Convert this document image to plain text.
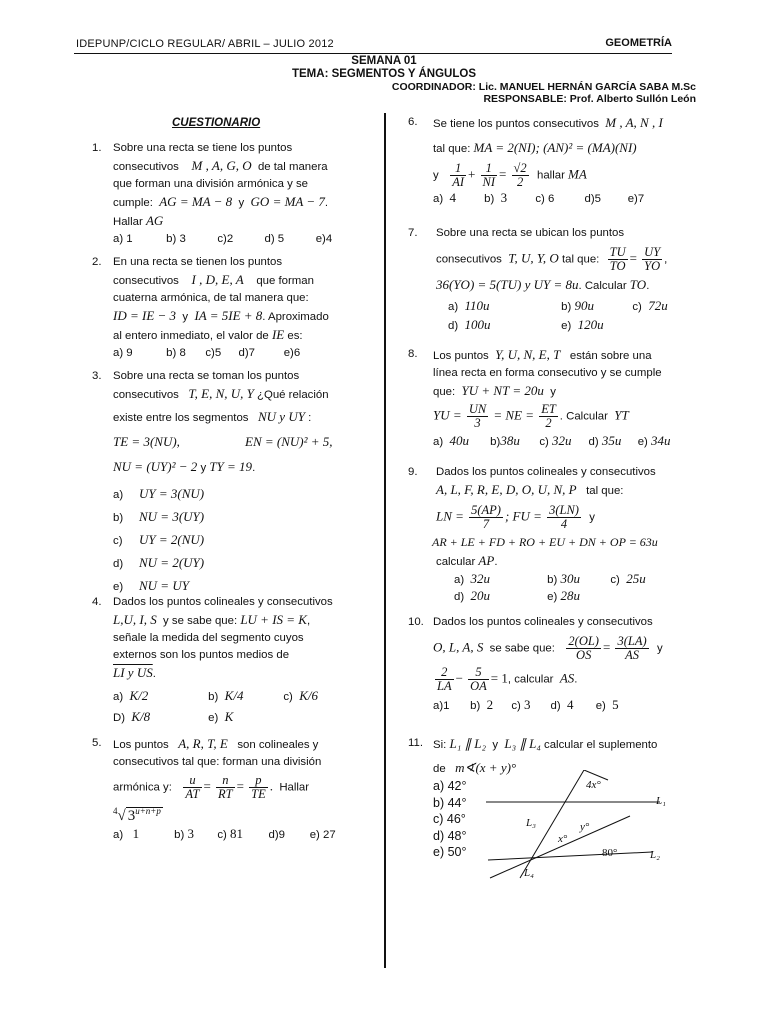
IDEPUNP/CICLO REGULAR/ ABRIL – JULIO 2012	GEOMETRÍA
SEMANA 01
TEMA: SEGMENTOS Y ÁNGULOS
COORDINADOR: Lic. MANUEL HERNÁN GARCÍA SABA M.Sc
RESPONSABLE: Prof. Alberto Sullón León
CUESTIONARIO
1. Sobre una recta se tiene los puntos
consecutivos M , A, G, O de tal manera
que forman una división armónica y se
cumple: AG = MA − 8 y GO = MA − 7.
Hallar AG
a) 1	b) 3	c)2	d) 5	e)4
2. En una recta se tienen los puntos
consecutivos I , D, E, A que forman
cuaterna armónica, de tal manera que:
ID = IE − 3 y IA = 5IE + 8. Aproximado
al entero inmediato, el valor de IE es:
a) 9	b) 8 c)5 d)7	e)6
3. Sobre una recta se toman los puntos
consecutivos T, E, N, U, Y ¿Qué relación
existe entre los segmentos NU y UY :
TE = 3(NU),	EN = (NU)² + 5,
NU = (UY)² − 2 y TY = 19.
a) UY = 3(NU)
b) NU = 3(UY)
c) UY = 2(NU)
d) NU = 2(UY)
e) NU = UY
4. Dados los puntos colineales y consecutivos
L,U, I, S y se sabe que: LU + IS = K,
señale la medida del segmento cuyos
externos son los puntos medios de
LI y US.
a) K/2	b) K/4	c) K/6
D) K/8	e) K
5. Los puntos A, R, T, E son colineales y
consecutivos tal que: forman una división
armónica y: $\frac{u}{AT} = \frac{n}{RT} = \frac{p}{TE}$ . Hallar
$^4$√ $3^{u+n+p}$
a) 1	b) 3 c) 81 d)9 e) 27
6. Se tiene los puntos consecutivos M , A, N , I
tal que: MA = 2(NI); (AN)² = (MA)(NI)
y $\frac{1}{AI} + \frac{1}{NI} = \frac{√2}{2}$ hallar MA
a) 4 b) 3 c) 6	d)5 e)7
7. Sobre una recta se ubican los puntos
consecutivos T, U, Y, O tal que: $\frac{TU}{TO} = \frac{UY}{YO}$ ,
36(YO) = 5(TU) y UY = 8u. Calcular TO.
a) 110u	b) 90u	c) 72u
d) 100u	e) 120u
8. Los puntos Y, U, N, E, T están sobre una
línea recta en forma consecutivo y se cumple
que: YU + NT = 20u y
YU = $\frac{UN}{3}$ = NE = $\frac{ET}{2}$ . Calcular YT
a) 40u b)38u c) 32u d) 35u e) 34u
9. Dados los puntos colineales y consecutivos
A, L, F, R, E, D, O, U, N, P tal que:
LN = $\frac{5(AP)}{7}$ ; FU = $\frac{3(LN)}{4}$ y
AR + LE + FD + RO + EU + DN + OP = 63u
calcular AP.
a) 32u	b) 30u	c) 25u
d) 20u	e) 28u
10. Dados los puntos colineales y consecutivos
O, L, A, S se sabe que: $\frac{2(OL)}{OS} = \frac{3(LA)}{AS}$ y
$\frac{2}{LA} - \frac{5}{OA} = 1$, calcular AS.
a)1 b) 2 c) 3 d) 4 e) 5
11. Si: L₁ ∥ L₂ y L₃ ∥ L₄ calcular el suplemento
de m∢(x + y)°
a) 42°
b) 44°
c) 46°
d) 48°
e) 50°
L₁
L₂
L₃
L₄
4x°
y°
x°
80°
